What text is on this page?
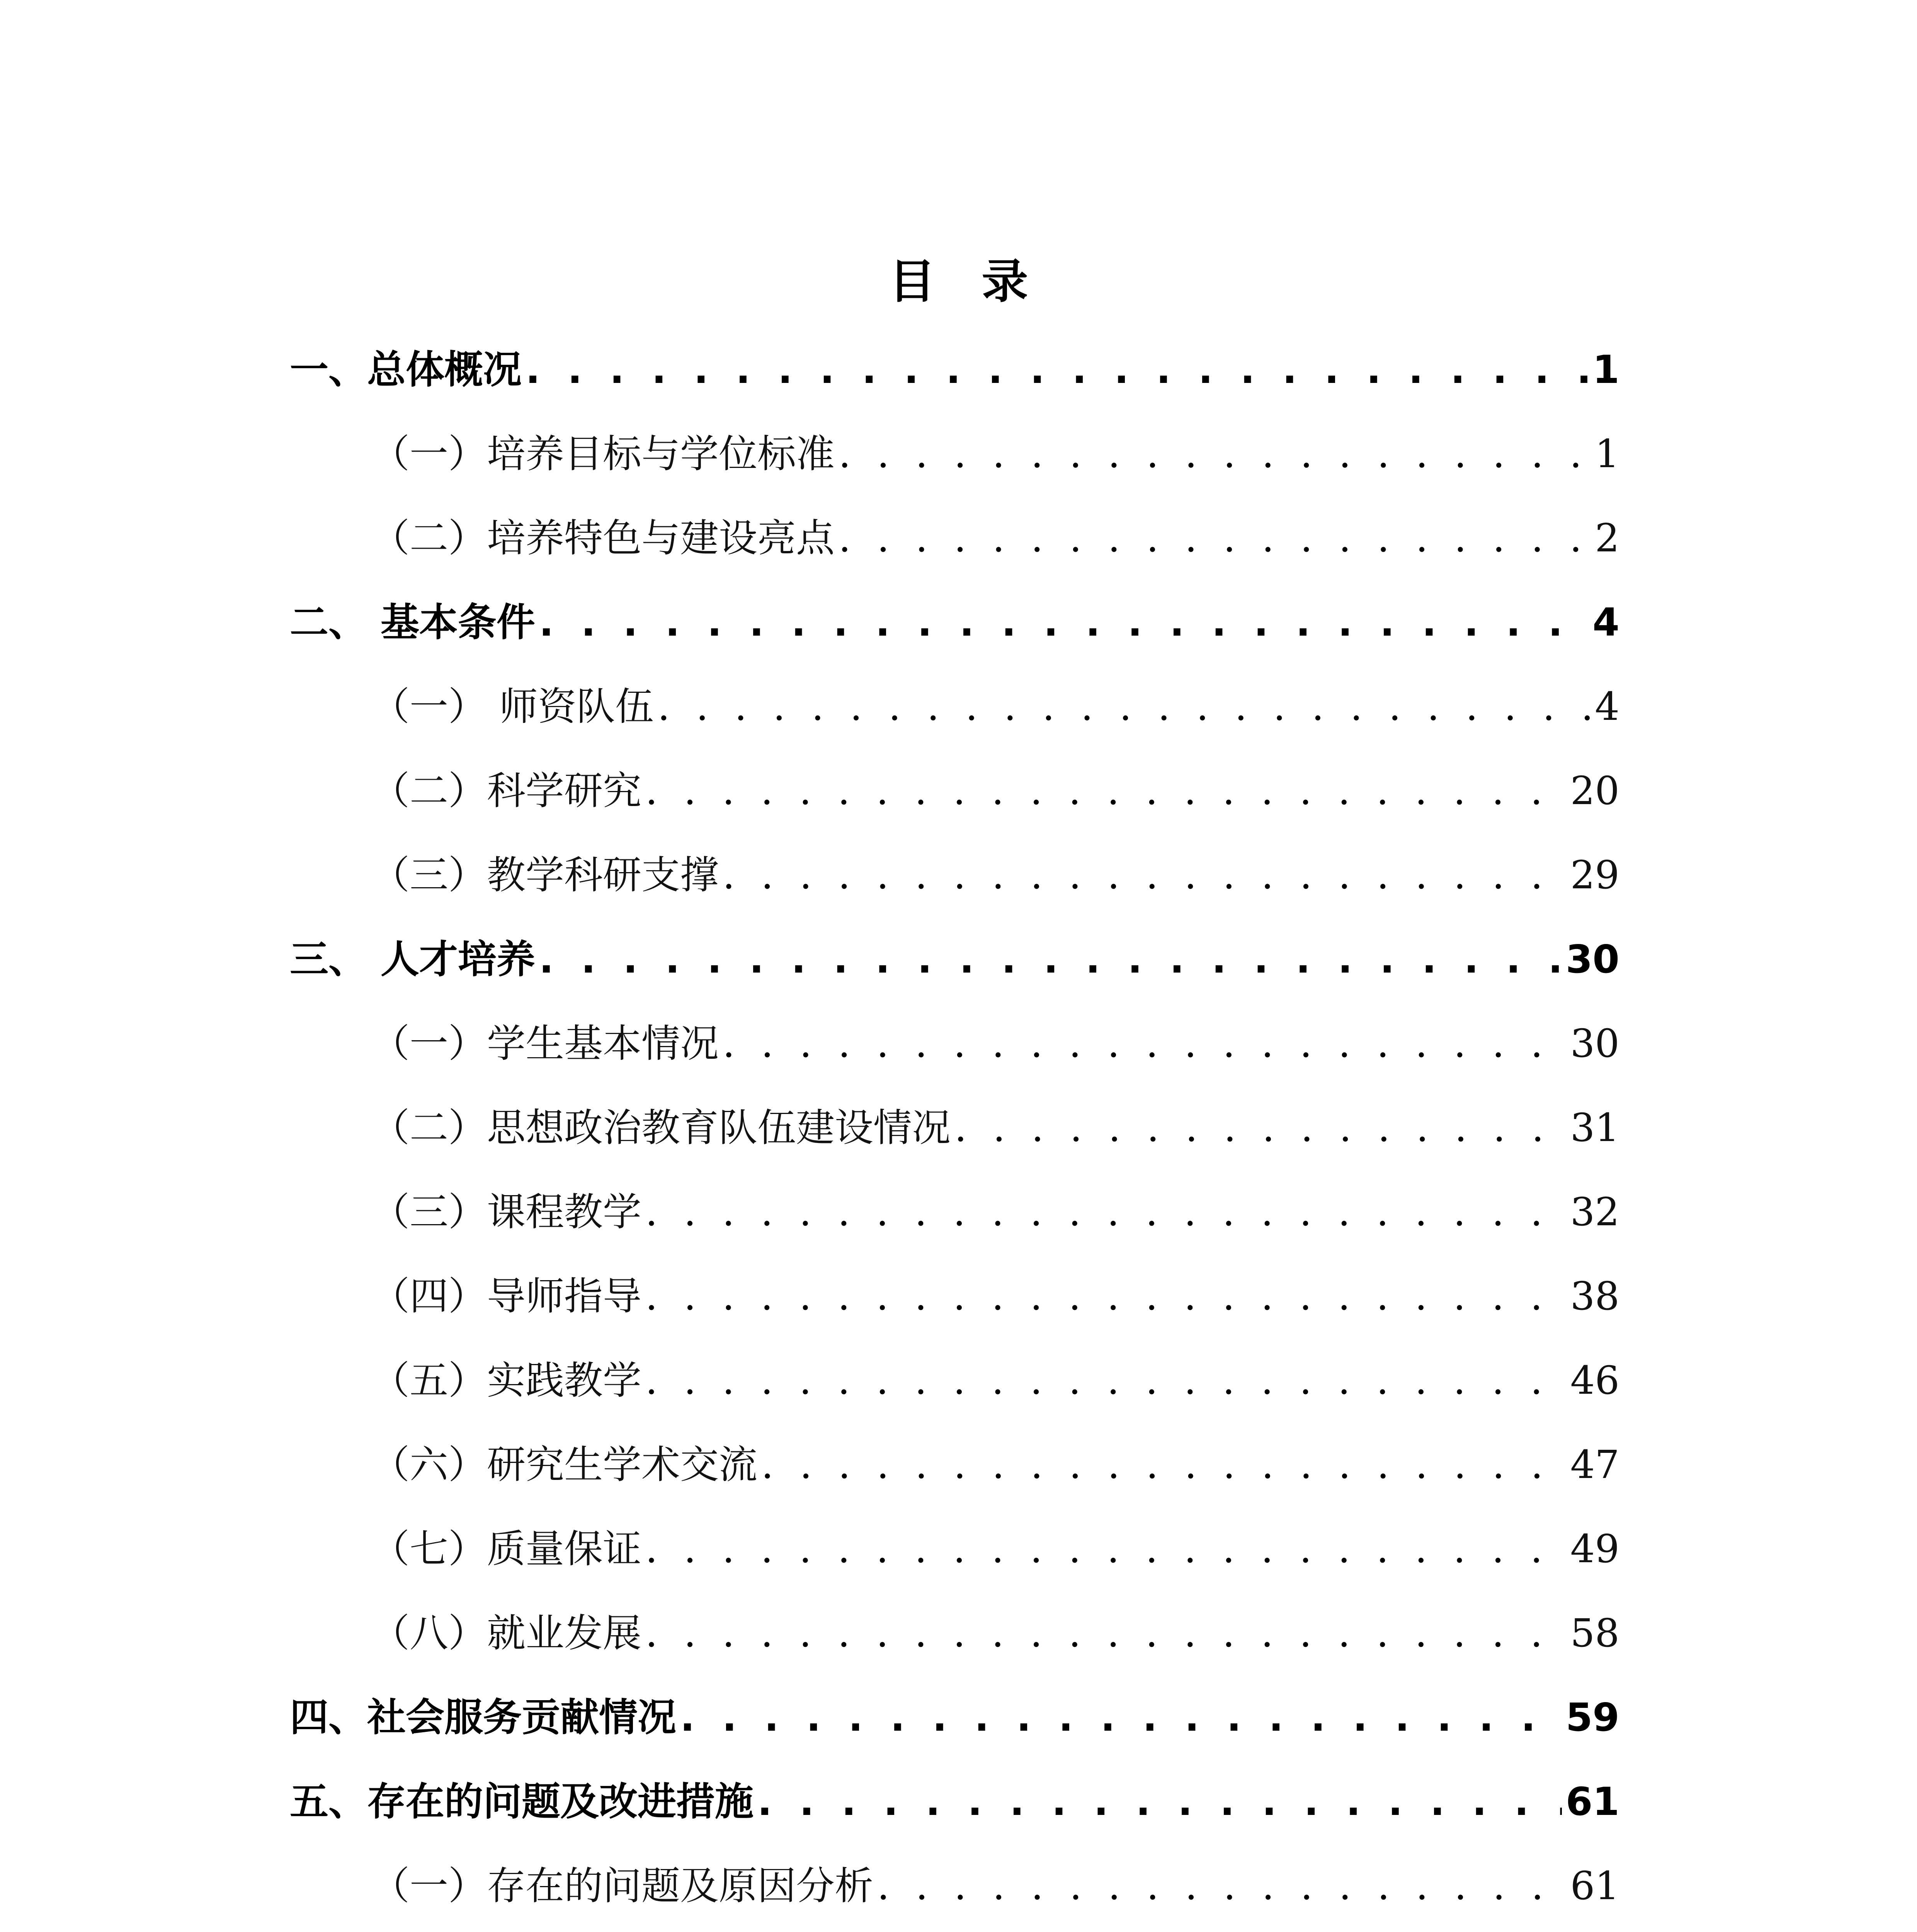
目　录
一、总体概况 . . .	1
（一）培养目标与学位标准 . . .	1
（二）培养特色与建设亮点 . . .	2
二、 基本条件 . . .	4
（一） 师资队伍 . . .	4
（二）科学研究 . . .	20
（三）教学科研支撑 . . .	29
三、 人才培养 . . .	30
（一）学生基本情况 . . .	30
（二）思想政治教育队伍建设情况 . . .	31
（三）课程教学 . . .	32
（四）导师指导 . . .	38
（五）实践教学 . . .	46
（六）研究生学术交流 . . .	47
（七）质量保证 . . .	49
（八）就业发展 . . .	58
四、社会服务贡献情况 . . .	59
五、存在的问题及改进措施 . . .	61
（一）存在的问题及原因分析 . . .	61
